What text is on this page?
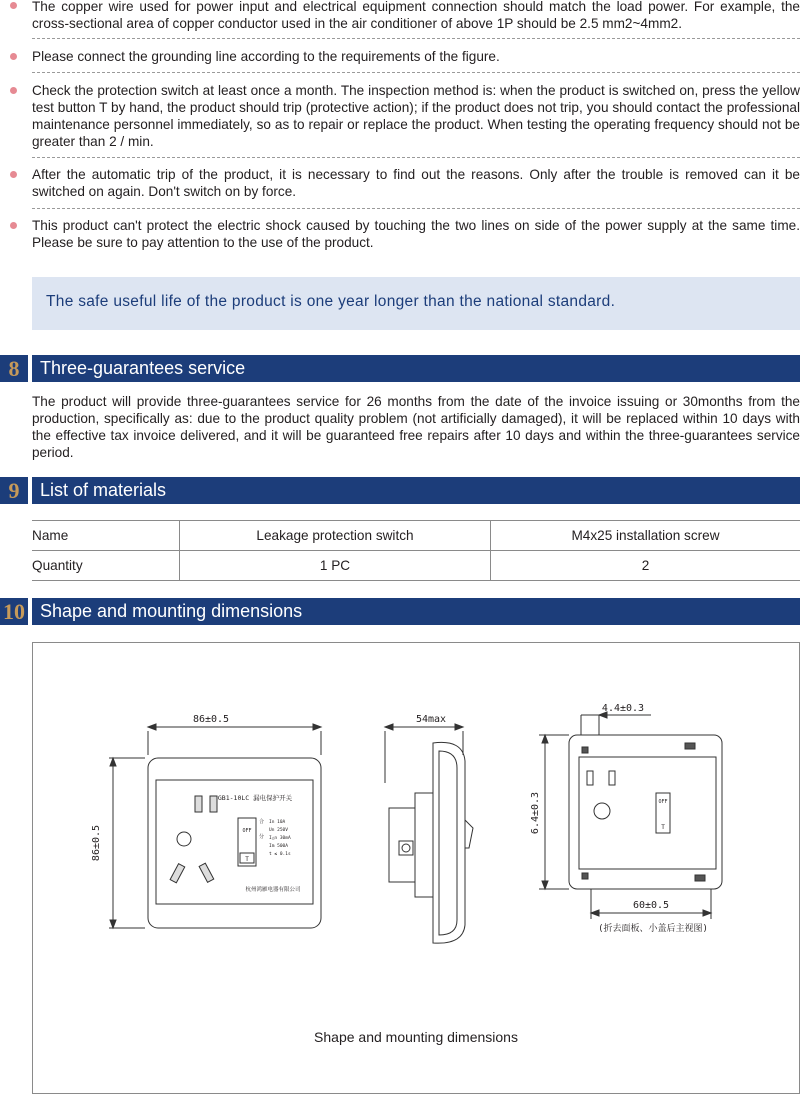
The copper wire used for power input and electrical equipment connection should match the load power. For example, the cross-sectional area of copper conductor used in the air conditioner of above 1P should be 2.5 mm2~4mm2.
Please connect the grounding line according to the requirements of the figure.
Check the protection switch at least once a month. The inspection method is: when the product is switched on, press the yellow test button T by hand, the product should trip (protective action); if the product does not trip, you should contact the professional maintenance personnel immediately, so as to repair or replace the product. When testing the operating frequency should not be greater than 2 / min.
After the automatic trip of the product, it is necessary to find out the reasons. Only after the trouble is removed can it be switched on again. Don't switch on by force.
This product can't protect the electric shock caused by touching the two lines on side of the power supply at the same time. Please be sure to pay attention to the use of the product.
The safe useful life of the product is one year longer than the national standard.
8	Three-guarantees service
The product will provide three-guarantees service for 26 months from the date of the invoice issuing or 30months from the production, specifically as: due to the product quality problem (not artificially damaged), it will be replaced within 10 days with the effective tax invoice delivered, and it will be guaranteed free repairs after 10 days and within the three-guarantees service period.
9	List of materials
Name	Leakage protection switch	M4x25 installation screw
Quantity	1 PC	2
10 Shape and mounting dimensions
86±0.5
86±0.5
54max
4.4±0.3
6.4±0.3
60±0.5
(折去面板、小盖后主视图)
GB1-10LC 漏电保护开关
合
分
In 10A
Un 250V
I△n 30mA
Im 500A
t ≤ 0.1s
OFF
T
OFF
T
杭州鸿雁电器有限公司
Shape and mounting dimensions
